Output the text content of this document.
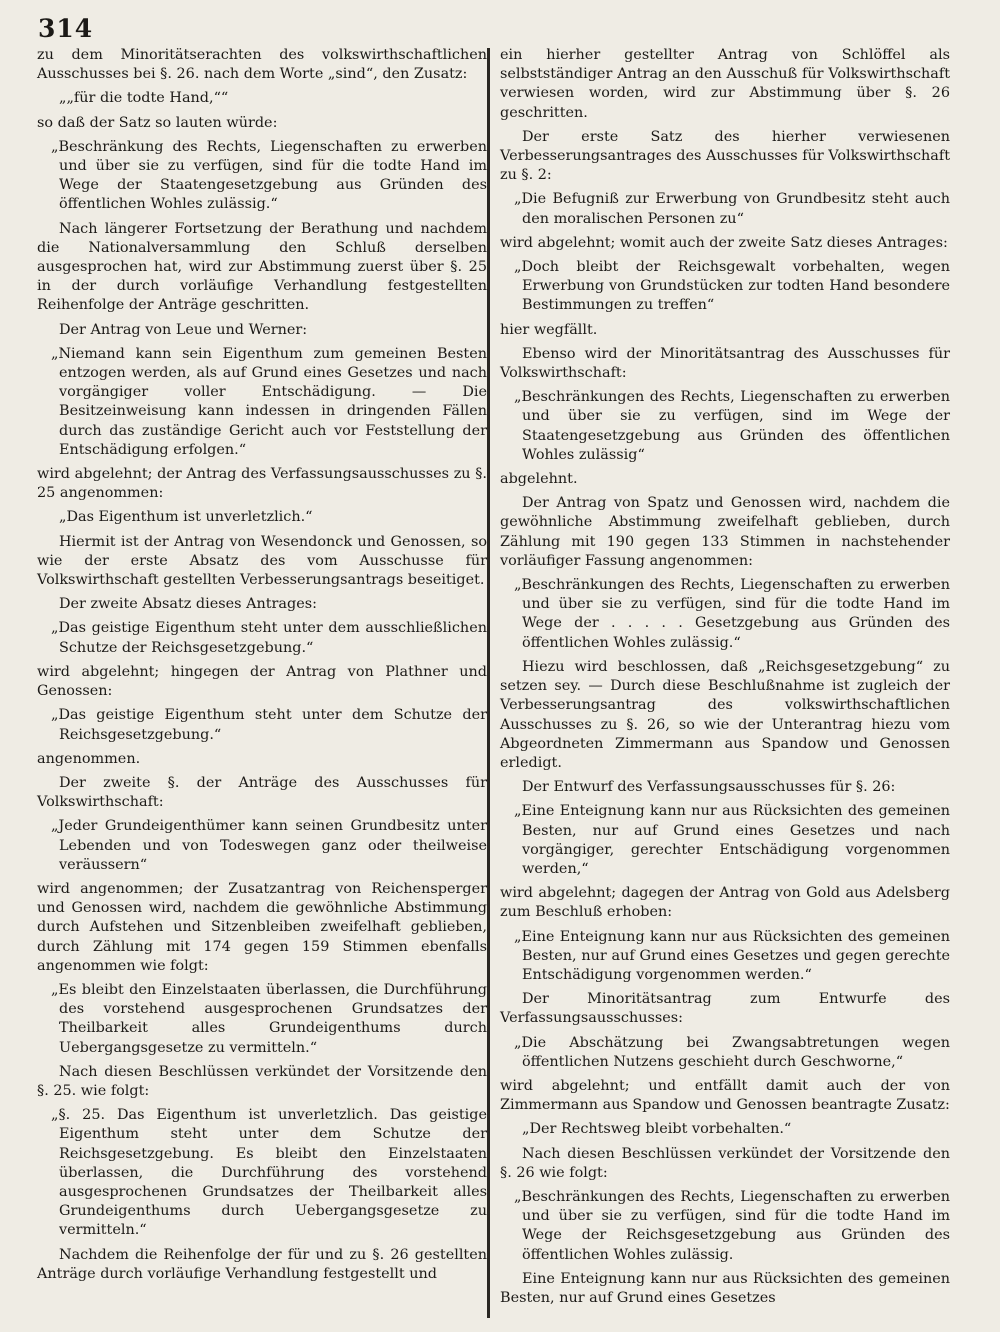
314

zu dem Minoritätserachten des volkswirthschaftlichen Ausschusses bei §. 26. nach dem Worte „sind“, den Zusatz:

„„für die todte Hand,““

so daß der Satz so lauten würde:

„Beschränkung des Rechts, Liegenschaften zu erwerben und über sie zu verfügen, sind für die todte Hand im Wege der Staatengesetzgebung aus Gründen des öffentlichen Wohles zulässig.“

Nach längerer Fortsetzung der Berathung und nachdem die Nationalversammlung den Schluß derselben ausgesprochen hat, wird zur Abstimmung zuerst über §. 25 in der durch vorläufige Verhandlung festgestellten Reihenfolge der Anträge geschritten.

Der Antrag von Leue und Werner:

„Niemand kann sein Eigenthum zum gemeinen Besten entzogen werden, als auf Grund eines Gesetzes und nach vorgängiger voller Entschädigung. — Die Besitzeinweisung kann indessen in dringenden Fällen durch das zuständige Gericht auch vor Feststellung der Entschädigung erfolgen.“

wird abgelehnt; der Antrag des Verfassungsausschusses zu §. 25 angenommen:

„Das Eigenthum ist unverletzlich.“

Hiermit ist der Antrag von Wesendonck und Genossen, so wie der erste Absatz des vom Ausschusse für Volkswirthschaft gestellten Verbesserungsantrags beseitiget.

Der zweite Absatz dieses Antrages:

„Das geistige Eigenthum steht unter dem ausschließlichen Schutze der Reichsgesetzgebung.“

wird abgelehnt; hingegen der Antrag von Plathner und Genossen:

„Das geistige Eigenthum steht unter dem Schutze der Reichsgesetzgebung.“

angenommen.

Der zweite §. der Anträge des Ausschusses für Volkswirthschaft:

„Jeder Grundeigenthümer kann seinen Grundbesitz unter Lebenden und von Todeswegen ganz oder theilweise veräussern“

wird angenommen; der Zusatzantrag von Reichensperger und Genossen wird, nachdem die gewöhnliche Abstimmung durch Aufstehen und Sitzenbleiben zweifelhaft geblieben, durch Zählung mit 174 gegen 159 Stimmen ebenfalls angenommen wie folgt:

„Es bleibt den Einzelstaaten überlassen, die Durchführung des vorstehend ausgesprochenen Grundsatzes der Theilbarkeit alles Grundeigenthums durch Uebergangsgesetze zu vermitteln.“

Nach diesen Beschlüssen verkündet der Vorsitzende den §. 25. wie folgt:

„§. 25. Das Eigenthum ist unverletzlich. Das geistige Eigenthum steht unter dem Schutze der Reichsgesetzgebung. Es bleibt den Einzelstaaten überlassen, die Durchführung des vorstehend ausgesprochenen Grundsatzes der Theilbarkeit alles Grundeigenthums durch Uebergangsgesetze zu vermitteln.“

Nachdem die Reihenfolge der für und zu §. 26 gestellten Anträge durch vorläufige Verhandlung festgestellt und

ein hierher gestellter Antrag von Schlöffel als selbstständiger Antrag an den Ausschuß für Volkswirthschaft verwiesen worden, wird zur Abstimmung über §. 26 geschritten.

Der erste Satz des hierher verwiesenen Verbesserungsantrages des Ausschusses für Volkswirthschaft zu §. 2:

„Die Befugniß zur Erwerbung von Grundbesitz steht auch den moralischen Personen zu“

wird abgelehnt; womit auch der zweite Satz dieses Antrages:

„Doch bleibt der Reichsgewalt vorbehalten, wegen Erwerbung von Grundstücken zur todten Hand besondere Bestimmungen zu treffen“

hier wegfällt.

Ebenso wird der Minoritätsantrag des Ausschusses für Volkswirthschaft:

„Beschränkungen des Rechts, Liegenschaften zu erwerben und über sie zu verfügen, sind im Wege der Staatengesetzgebung aus Gründen des öffentlichen Wohles zulässig“

abgelehnt.

Der Antrag von Spatz und Genossen wird, nachdem die gewöhnliche Abstimmung zweifelhaft geblieben, durch Zählung mit 190 gegen 133 Stimmen in nachstehender vorläufiger Fassung angenommen:

„Beschränkungen des Rechts, Liegenschaften zu erwerben und über sie zu verfügen, sind für die todte Hand im Wege der . . . . . Gesetzgebung aus Gründen des öffentlichen Wohles zulässig.“

Hiezu wird beschlossen, daß „Reichsgesetzgebung“ zu setzen sey. — Durch diese Beschlußnahme ist zugleich der Verbesserungsantrag des volkswirthschaftlichen Ausschusses zu §. 26, so wie der Unterantrag hiezu vom Abgeordneten Zimmermann aus Spandow und Genossen erledigt.

Der Entwurf des Verfassungsausschusses für §. 26:

„Eine Enteignung kann nur aus Rücksichten des gemeinen Besten, nur auf Grund eines Gesetzes und nach vorgängiger, gerechter Entschädigung vorgenommen werden,“

wird abgelehnt; dagegen der Antrag von Gold aus Adelsberg zum Beschluß erhoben:

„Eine Enteignung kann nur aus Rücksichten des gemeinen Besten, nur auf Grund eines Gesetzes und gegen gerechte Entschädigung vorgenommen werden.“

Der Minoritätsantrag zum Entwurfe des Verfassungsausschusses:

„Die Abschätzung bei Zwangsabtretungen wegen öffentlichen Nutzens geschieht durch Geschworne,“

wird abgelehnt; und entfällt damit auch der von Zimmermann aus Spandow und Genossen beantragte Zusatz:

„Der Rechtsweg bleibt vorbehalten.“

Nach diesen Beschlüssen verkündet der Vorsitzende den §. 26 wie folgt:

„Beschränkungen des Rechts, Liegenschaften zu erwerben und über sie zu verfügen, sind für die todte Hand im Wege der Reichsgesetzgebung aus Gründen des öffentlichen Wohles zulässig.

Eine Enteignung kann nur aus Rücksichten des gemeinen Besten, nur auf Grund eines Gesetzes
